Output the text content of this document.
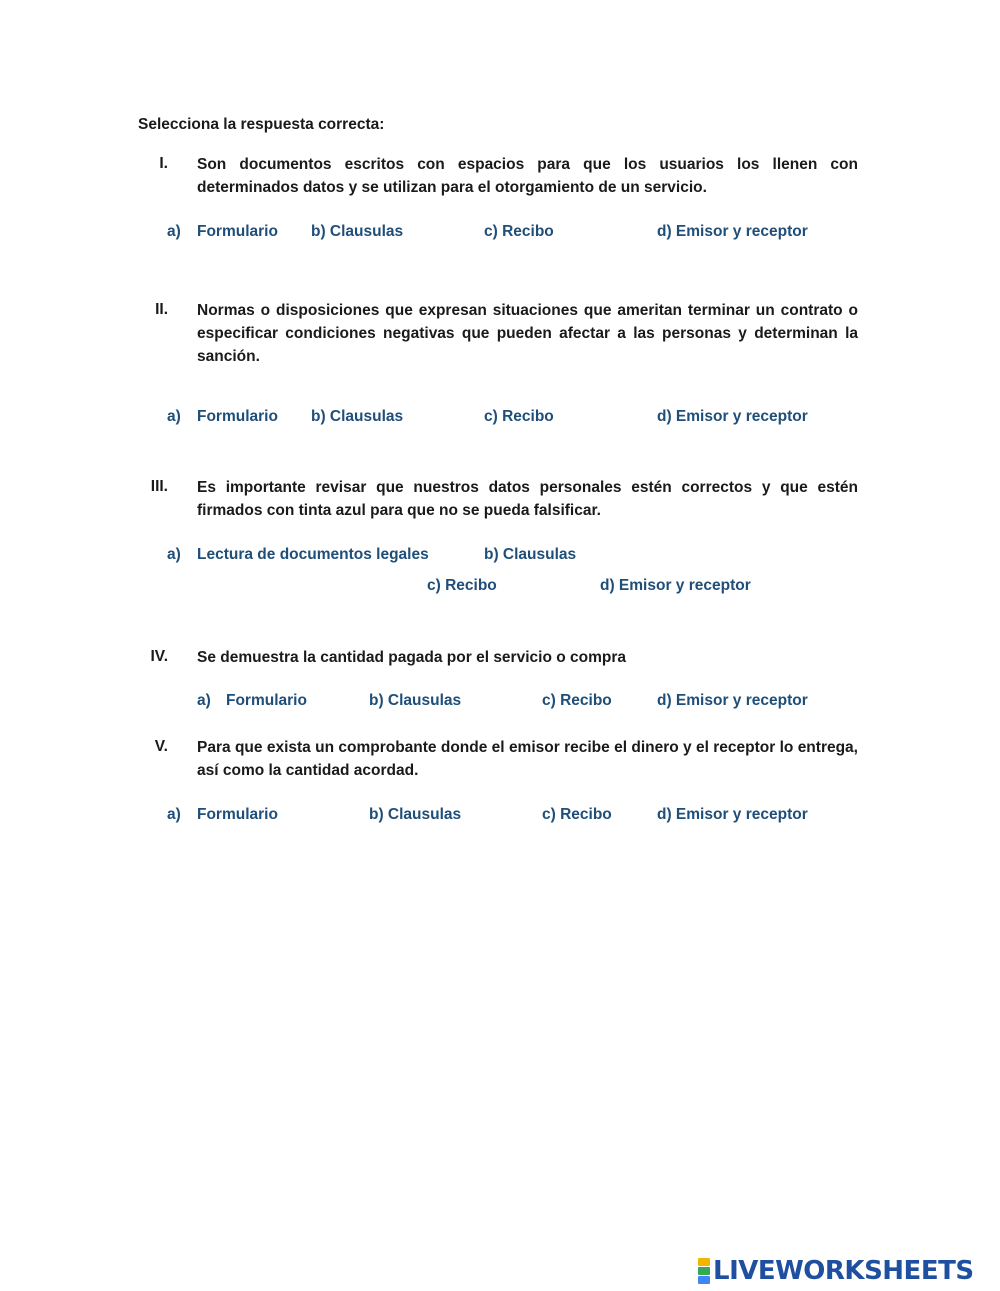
Selecciona la respuesta correcta:
I. Son documentos escritos con espacios para que los usuarios los llenen con determinados datos y se utilizan para el otorgamiento de un servicio.
a) Formulario b) Clausulas	c) Recibo	d) Emisor y receptor
II. Normas o disposiciones que expresan situaciones que ameritan terminar un contrato o especificar condiciones negativas que pueden afectar a las personas y determinan la sanción.
a) Formulario b) Clausulas	c) Recibo	d) Emisor y receptor
III. Es importante revisar que nuestros datos personales estén correctos y que estén firmados con tinta azul para que no se pueda falsificar.
a) Lectura de documentos legales	b) Clausulas
c) Recibo	d) Emisor y receptor
IV. Se demuestra la cantidad pagada por el servicio o compra
a) Formulario	b) Clausulas	c) Recibo	d) Emisor y receptor
V. Para que exista un comprobante donde el emisor recibe el dinero y el receptor lo entrega, así como la cantidad acordad.
a) Formulario	b) Clausulas	c) Recibo	d) Emisor y receptor
LIVEWORKSHEETS
